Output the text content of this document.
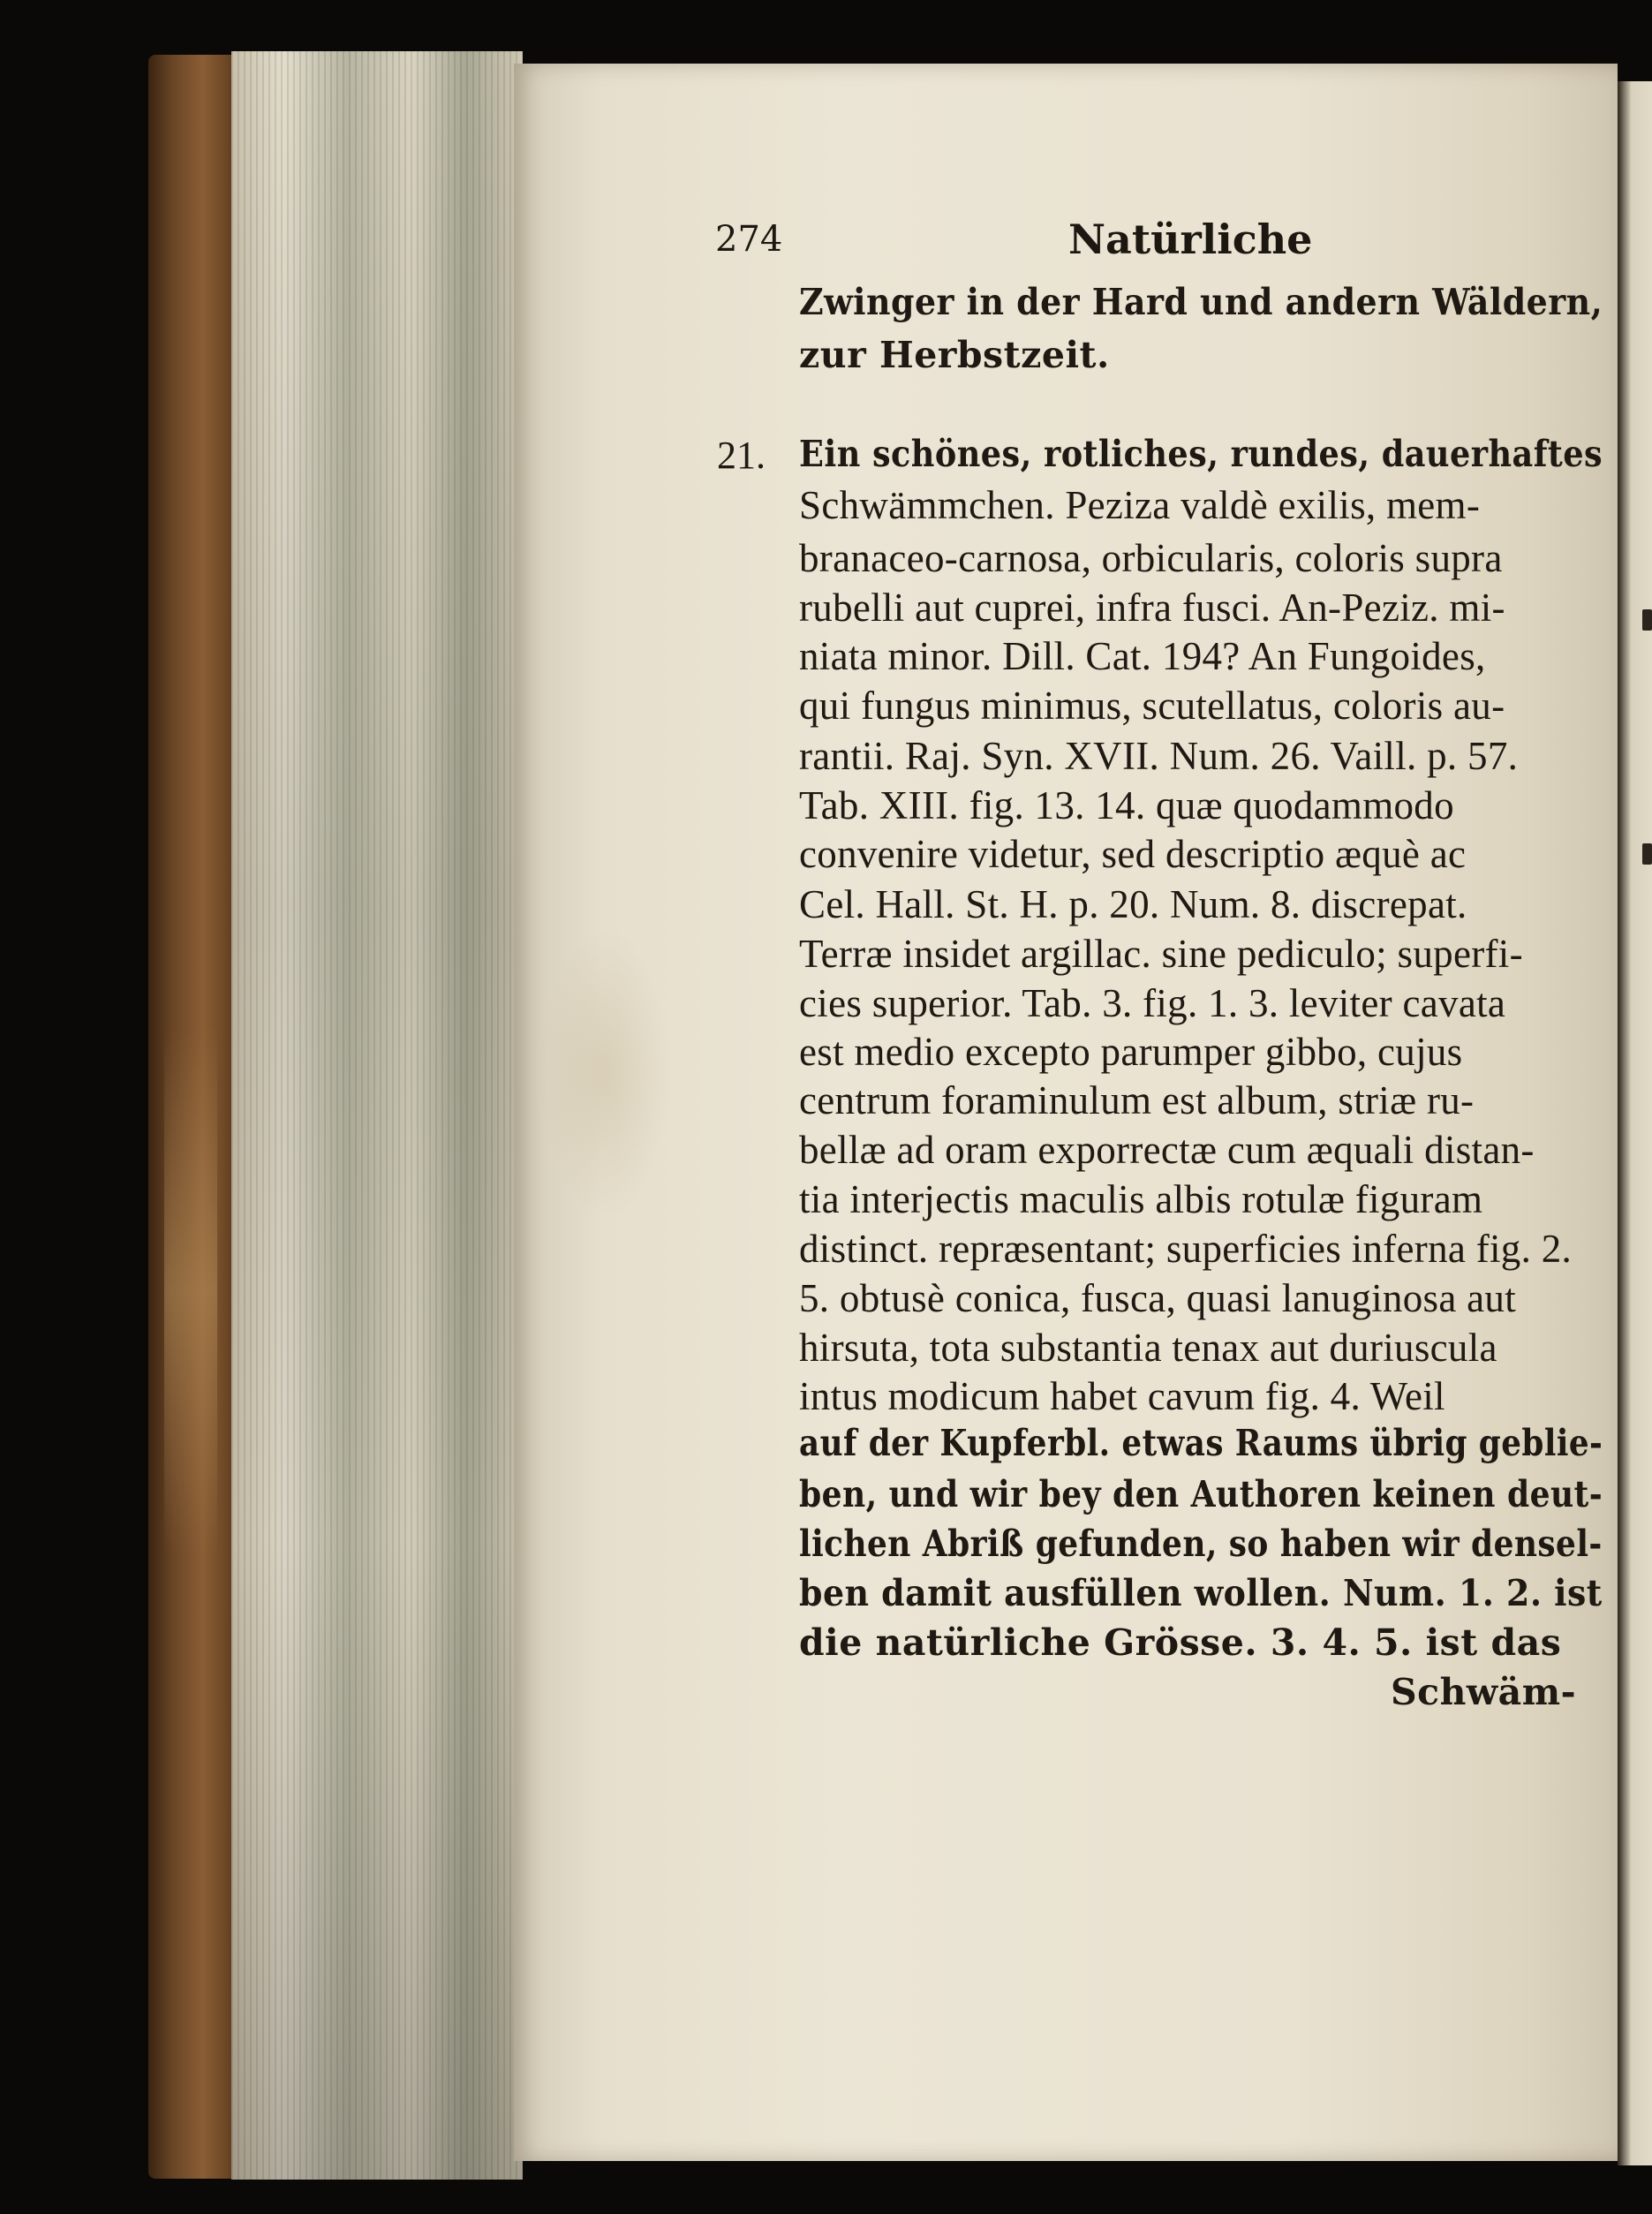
274	Natürliche
Zwinger in der Hard und andern Wäldern,
zur Herbstzeit.
21. Ein schönes, rotliches, rundes, dauerhaftes
Schwämmchen. Peziza valdè exilis, mem-
branaceo-carnosa, orbicularis, coloris supra
rubelli aut cuprei, infra fusci. An-Peziz. mi-
niata minor. Dill. Cat. 194? An Fungoides,
qui fungus minimus, scutellatus, coloris au-
rantii. Raj. Syn. XVII. Num. 26. Vaill. p. 57.
Tab. XIII. fig. 13. 14. quæ quodammodo
convenire videtur, sed descriptio æquè ac
Cel. Hall. St. H. p. 20. Num. 8. discrepat.
Terræ insidet argillac. sine pediculo; superfi-
cies superior. Tab. 3. fig. 1. 3. leviter cavata
est medio excepto parumper gibbo, cujus
centrum foraminulum est album, striæ ru-
bellæ ad oram exporrectæ cum æquali distan-
tia interjectis maculis albis rotulæ figuram
distinct. repræsentant; superficies inferna fig. 2.
5. obtusè conica, fusca, quasi lanuginosa aut
hirsuta, tota substantia tenax aut duriuscula
intus modicum habet cavum fig. 4. Weil
auf der Kupferbl. etwas Raums übrig geblie-
ben, und wir bey den Authoren keinen deut-
lichen Abriß gefunden, so haben wir densel-
ben damit ausfüllen wollen. Num. 1. 2. ist
die natürliche Grösse. 3. 4. 5. ist das
Schwäm-
